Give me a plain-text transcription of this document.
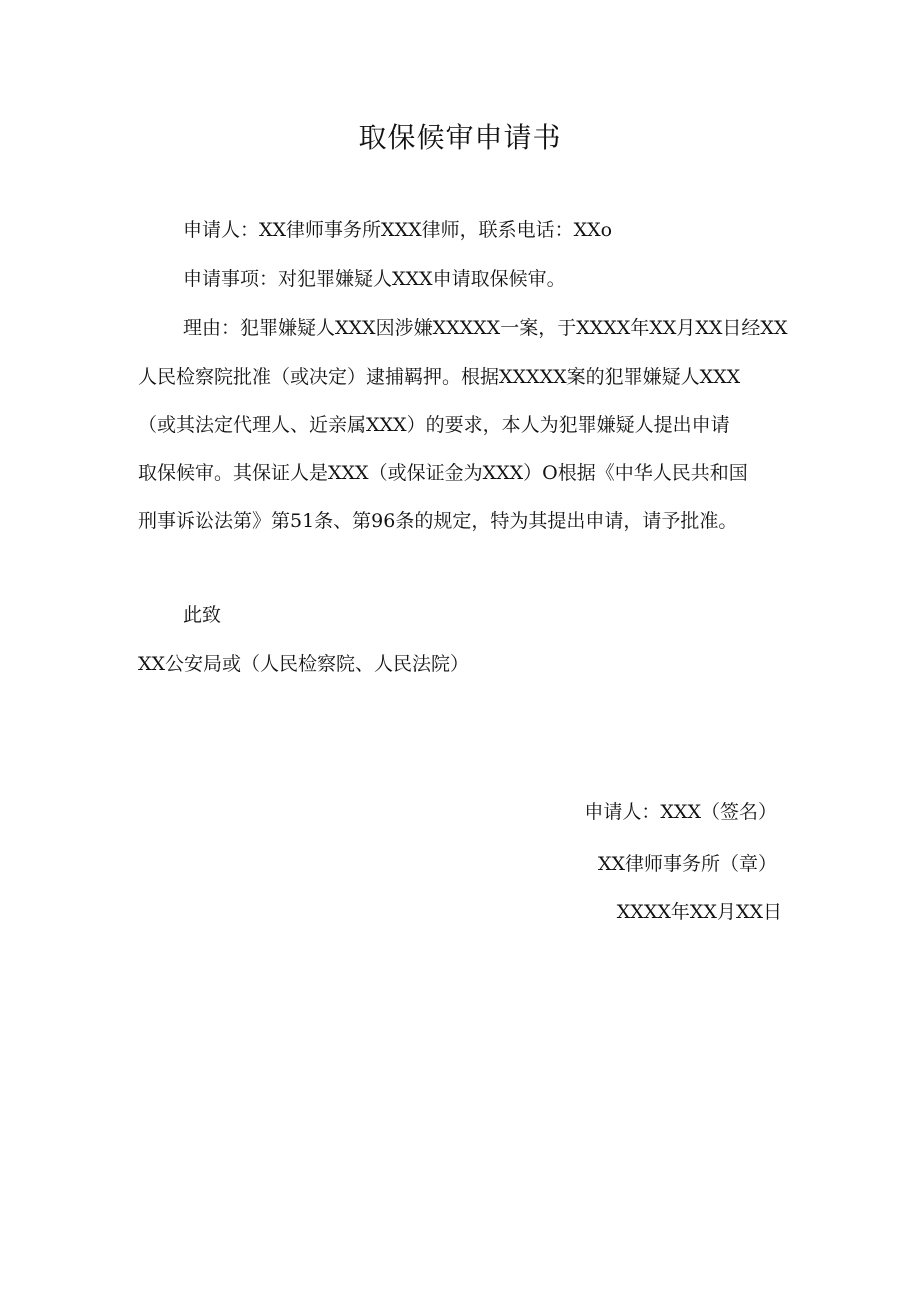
取保候审申请书
申请人：XX律师事务所XXX律师，联系电话：XXo
申请事项：对犯罪嫌疑人XXX申请取保候审。
理由：犯罪嫌疑人XXX因涉嫌XXXXX一案，于XXXX年XX月XX日经XX
人民检察院批准（或决定）逮捕羁押。根据XXXXX案的犯罪嫌疑人XXX
（或其法定代理人、近亲属XXX）的要求，本人为犯罪嫌疑人提出申请
取保候审。其保证人是XXX（或保证金为XXX）O根据《中华人民共和国
刑事诉讼法第》第51条、第96条的规定，特为其提出申请，请予批准。
此致
XX公安局或（人民检察院、人民法院）
申请人：XXX（签名）
XX律师事务所（章）
XXXX年XX月XX日
